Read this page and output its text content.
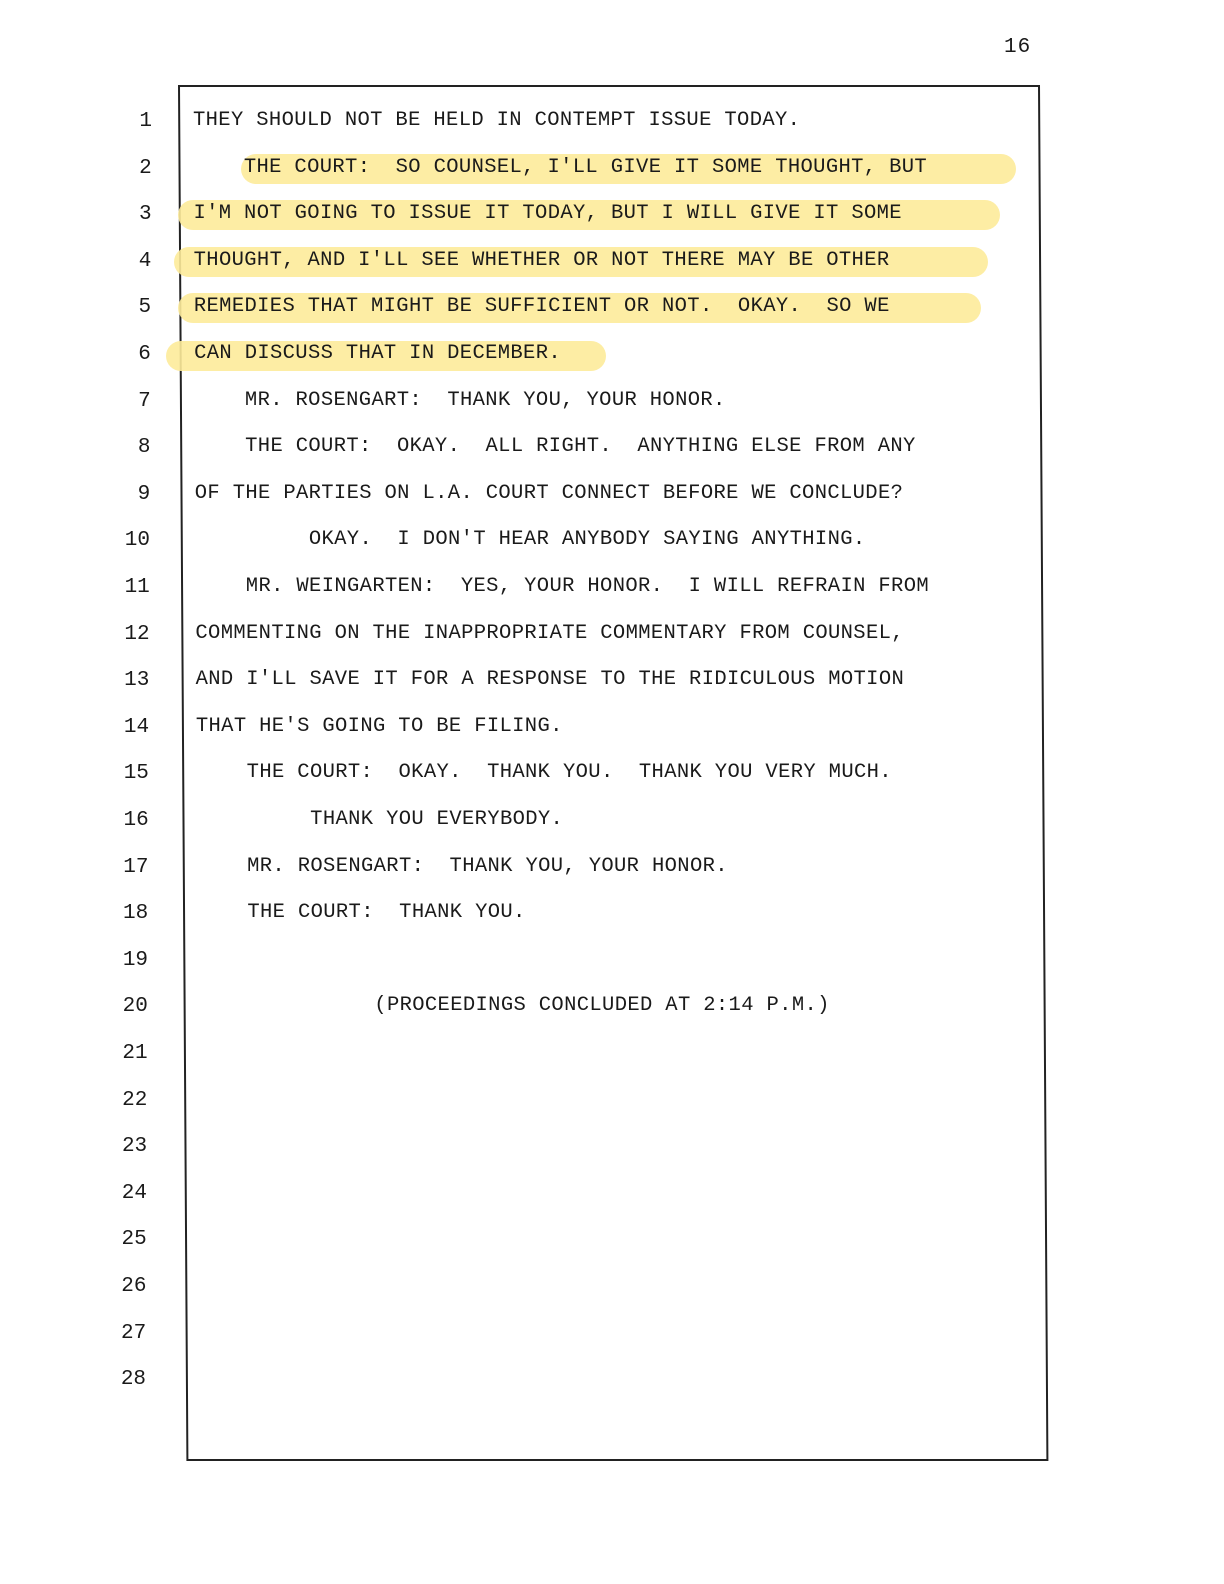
16
1 THEY SHOULD NOT BE HELD IN CONTEMPT ISSUE TODAY.
2 THE COURT:  SO COUNSEL, I'LL GIVE IT SOME THOUGHT, BUT
3 I'M NOT GOING TO ISSUE IT TODAY, BUT I WILL GIVE IT SOME
4 THOUGHT, AND I'LL SEE WHETHER OR NOT THERE MAY BE OTHER
5 REMEDIES THAT MIGHT BE SUFFICIENT OR NOT.  OKAY.  SO WE
6 CAN DISCUSS THAT IN DECEMBER.
7 MR. ROSENGART:  THANK YOU, YOUR HONOR.
8 THE COURT:  OKAY.  ALL RIGHT.  ANYTHING ELSE FROM ANY
9 OF THE PARTIES ON L.A. COURT CONNECT BEFORE WE CONCLUDE?
10 OKAY.  I DON'T HEAR ANYBODY SAYING ANYTHING.
11 MR. WEINGARTEN:  YES, YOUR HONOR.  I WILL REFRAIN FROM
12 COMMENTING ON THE INAPPROPRIATE COMMENTARY FROM COUNSEL,
13 AND I'LL SAVE IT FOR A RESPONSE TO THE RIDICULOUS MOTION
14 THAT HE'S GOING TO BE FILING.
15 THE COURT:  OKAY.  THANK YOU.  THANK YOU VERY MUCH.
16 THANK YOU EVERYBODY.
17 MR. ROSENGART:  THANK YOU, YOUR HONOR.
18 THE COURT:  THANK YOU.
19
20 (PROCEEDINGS CONCLUDED AT 2:14 P.M.)
21
22
23
24
25
26
27
28
